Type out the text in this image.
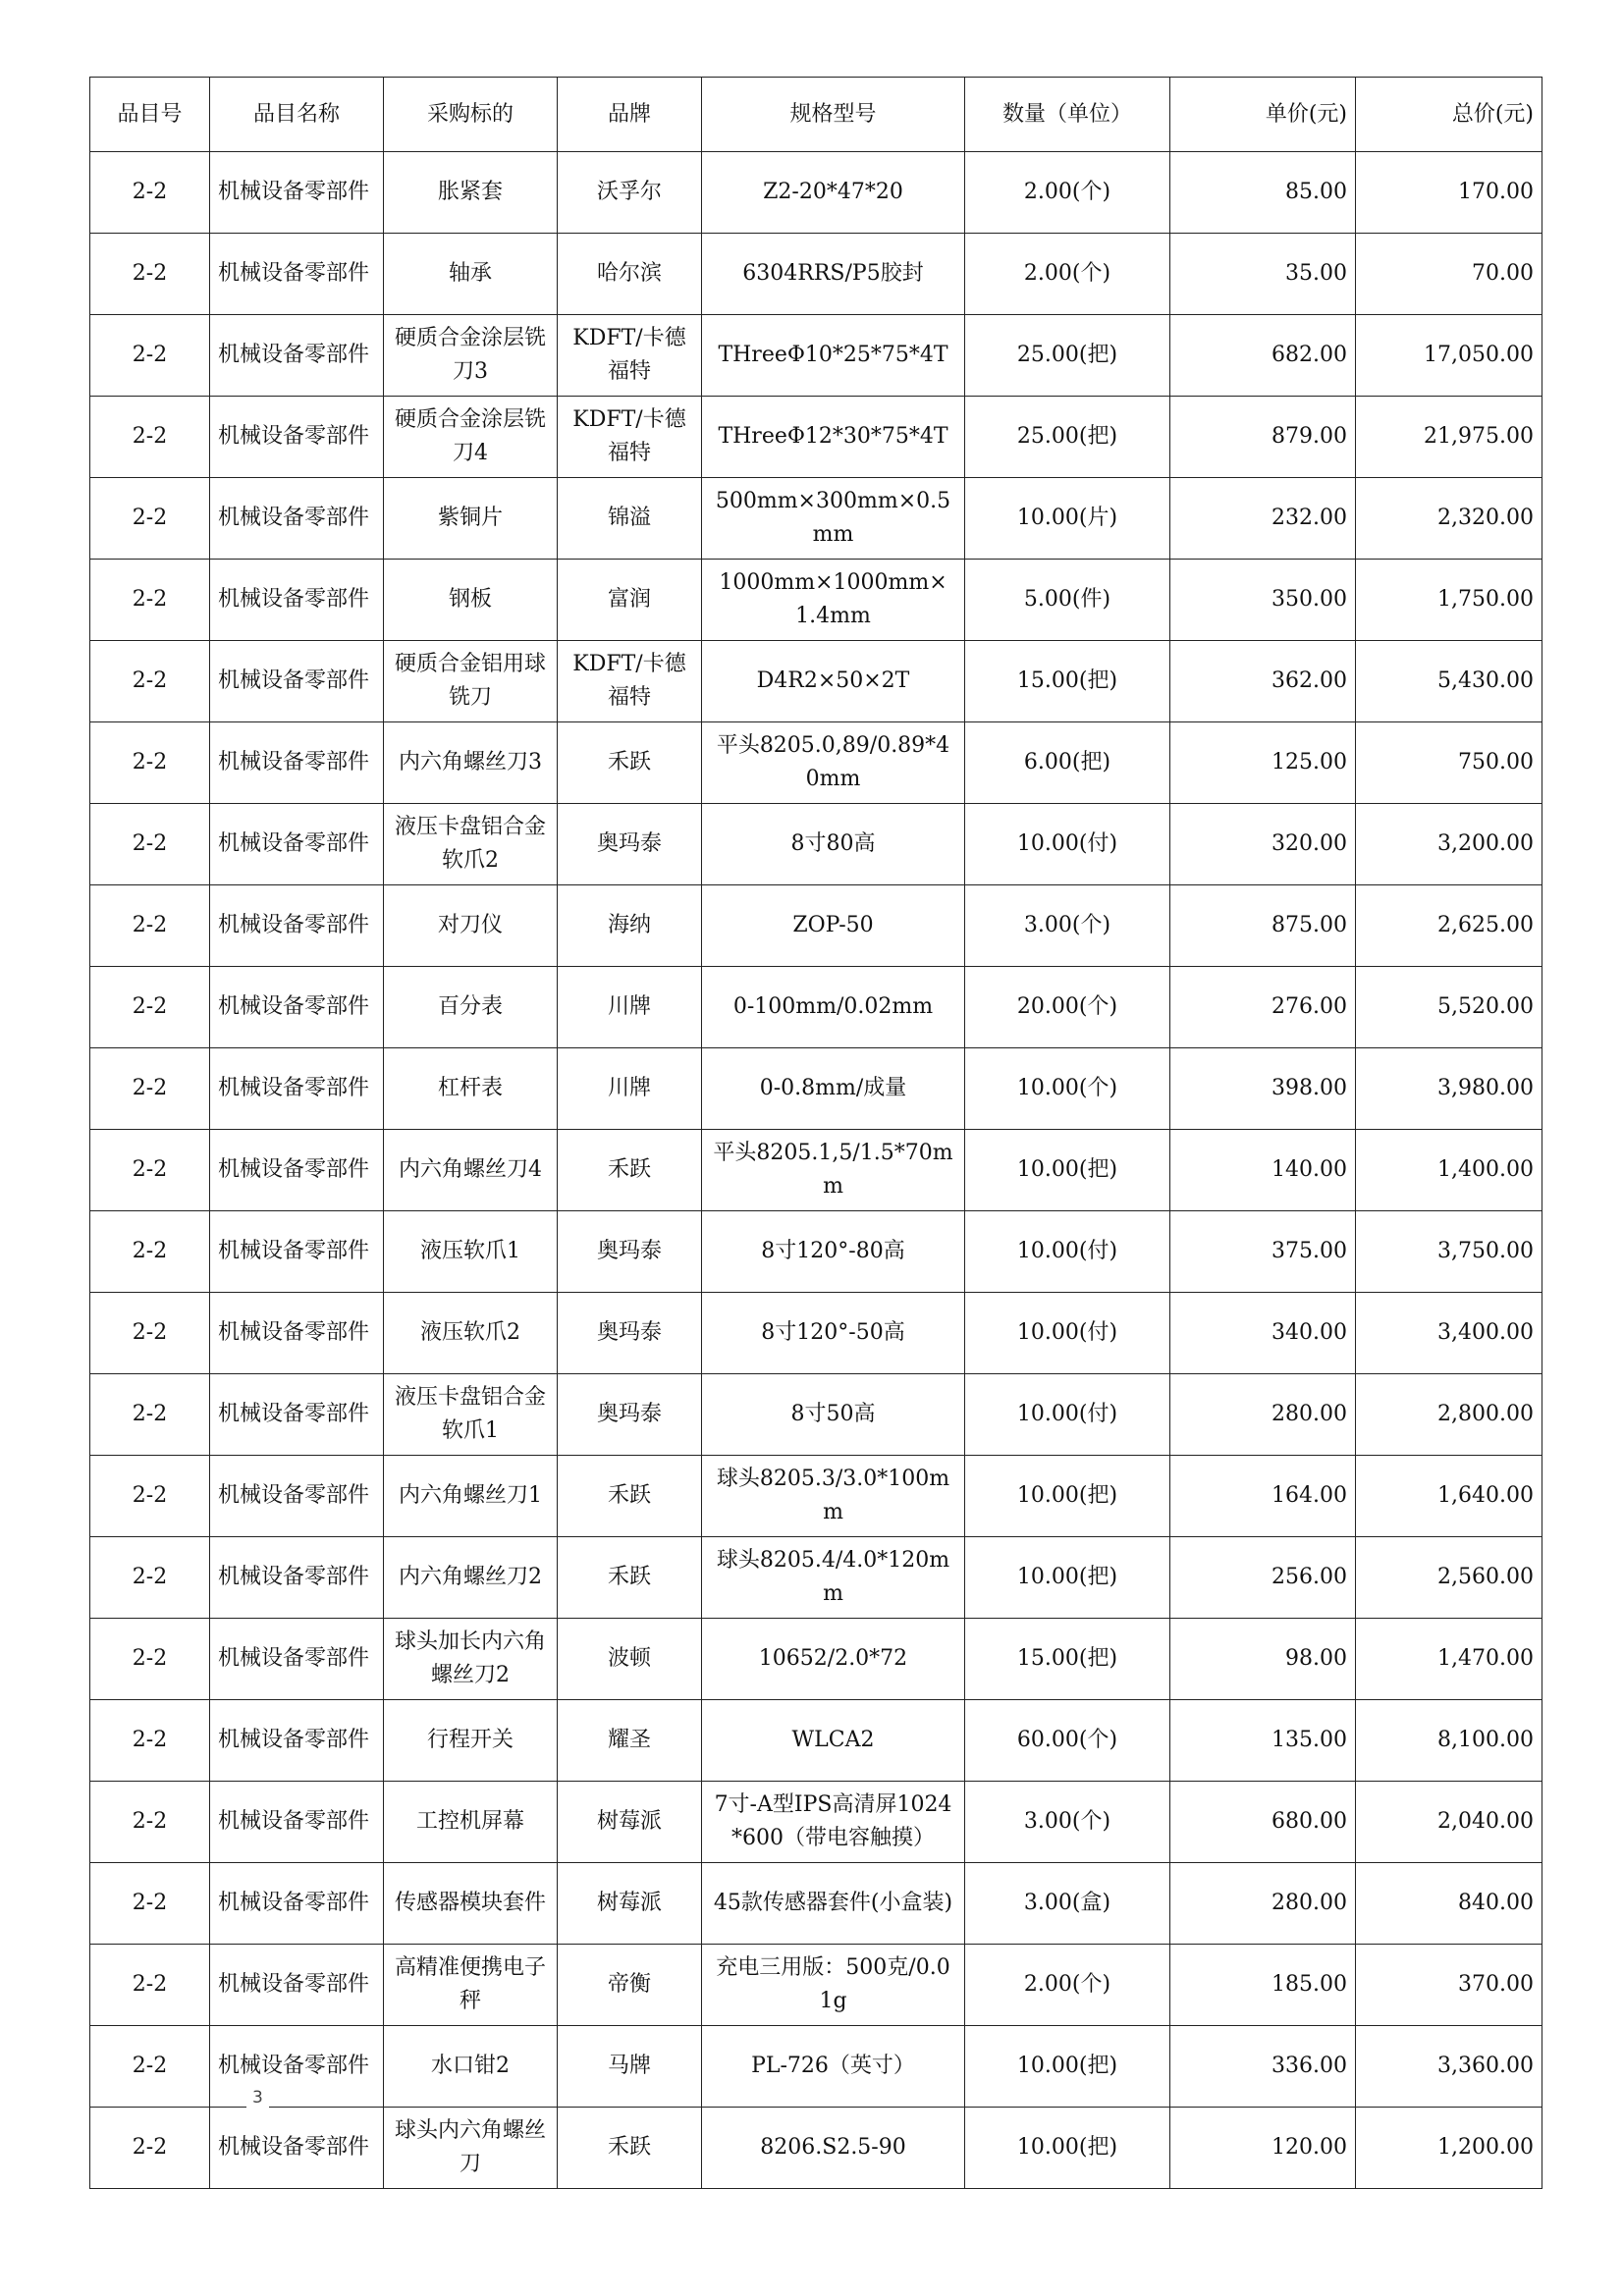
品目号	品目名称	采购标的	品牌	规格型号	数量（单位）	单价(元)	总价(元)
2-2	机械设备零部件	胀紧套	沃孚尔	Z2-20*47*20	2.00(个)	85.00	170.00
2-2	机械设备零部件	轴承	哈尔滨	6304RRS/P5胶封	2.00(个)	35.00	70.00
2-2	机械设备零部件	硬质合金涂层铣刀3	KDFT/卡德福特	THreeΦ10*25*75*4T	25.00(把)	682.00	17,050.00
2-2	机械设备零部件	硬质合金涂层铣刀4	KDFT/卡德福特	THreeΦ12*30*75*4T	25.00(把)	879.00	21,975.00
2-2	机械设备零部件	紫铜片	锦溢	500mm×300mm×0.5mm	10.00(片)	232.00	2,320.00
2-2	机械设备零部件	钢板	富润	1000mm×1000mm×1.4mm	5.00(件)	350.00	1,750.00
2-2	机械设备零部件	硬质合金铝用球铣刀	KDFT/卡德福特	D4R2×50×2T	15.00(把)	362.00	5,430.00
2-2	机械设备零部件	内六角螺丝刀3	禾跃	平头8205.0,89/0.89*40mm	6.00(把)	125.00	750.00
2-2	机械设备零部件	液压卡盘铝合金软爪2	奥玛泰	8寸80高	10.00(付)	320.00	3,200.00
2-2	机械设备零部件	对刀仪	海纳	ZOP-50	3.00(个)	875.00	2,625.00
2-2	机械设备零部件	百分表	川牌	0-100mm/0.02mm	20.00(个)	276.00	5,520.00
2-2	机械设备零部件	杠杆表	川牌	0-0.8mm/成量	10.00(个)	398.00	3,980.00
2-2	机械设备零部件	内六角螺丝刀4	禾跃	平头8205.1,5/1.5*70mm	10.00(把)	140.00	1,400.00
2-2	机械设备零部件	液压软爪1	奥玛泰	8寸120°-80高	10.00(付)	375.00	3,750.00
2-2	机械设备零部件	液压软爪2	奥玛泰	8寸120°-50高	10.00(付)	340.00	3,400.00
2-2	机械设备零部件	液压卡盘铝合金软爪1	奥玛泰	8寸50高	10.00(付)	280.00	2,800.00
2-2	机械设备零部件	内六角螺丝刀1	禾跃	球头8205.3/3.0*100mm	10.00(把)	164.00	1,640.00
2-2	机械设备零部件	内六角螺丝刀2	禾跃	球头8205.4/4.0*120mm	10.00(把)	256.00	2,560.00
2-2	机械设备零部件	球头加长内六角螺丝刀2	波顿	10652/2.0*72	15.00(把)	98.00	1,470.00
2-2	机械设备零部件	行程开关	耀圣	WLCA2	60.00(个)	135.00	8,100.00
2-2	机械设备零部件	工控机屏幕	树莓派	7寸-A型IPS高清屏1024*600（带电容触摸）	3.00(个)	680.00	2,040.00
2-2	机械设备零部件	传感器模块套件	树莓派	45款传感器套件(小盒装)	3.00(盒)	280.00	840.00
2-2	机械设备零部件	高精准便携电子秤	帝衡	充电三用版：500克/0.01g	2.00(个)	185.00	370.00
2-2	机械设备零部件	水口钳2	马牌	PL-726（英寸）	10.00(把)	336.00	3,360.00
2-2	机械设备零部件	球头内六角螺丝刀	禾跃	8206.S2.5-90	10.00(把)	120.00	1,200.00
3
